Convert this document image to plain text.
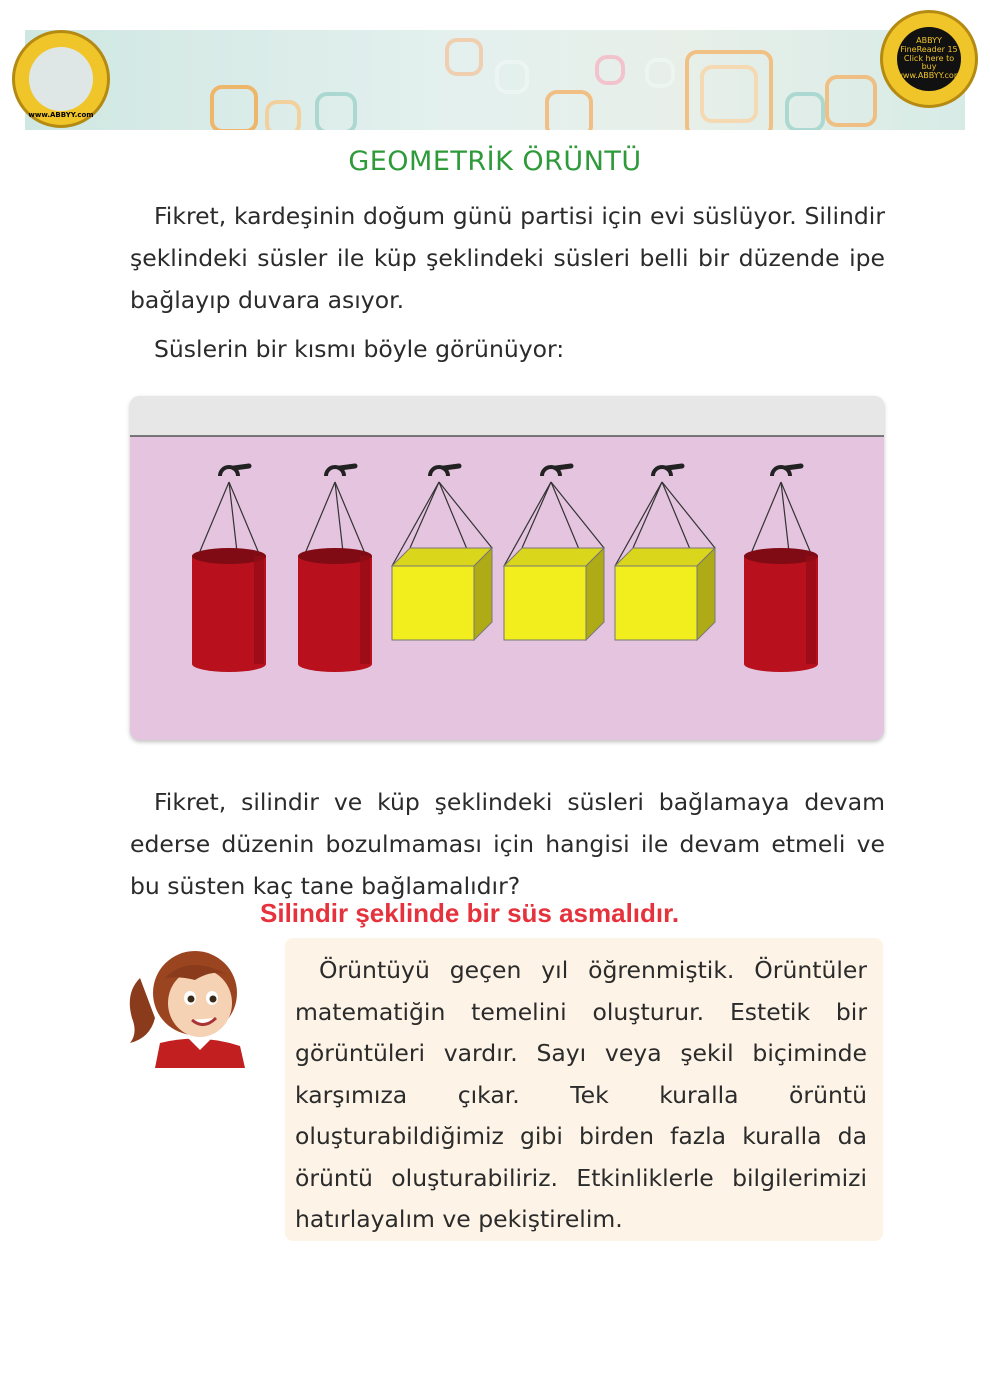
www.ABBYY.com
ABBYY FineReader 15
Click here to buy
www.ABBYY.com
GEOMETRİK ÖRÜNTÜ

Fikret, kardeşinin doğum günü partisi için evi süslüyor. Silindir şeklindeki süsler ile küp şeklindeki süsleri belli bir düzende ipe bağlayıp duvara asıyor.

Süslerin bir kısmı böyle görünüyor:

Fikret, silindir ve küp şeklindeki süsleri bağlamaya devam ederse düzenin bozulmaması için hangisi ile devam etmeli ve bu süsten kaç tane bağlamalıdır?

Silindir şeklinde bir süs asmalıdır.

Örüntüyü geçen yıl öğrenmiştik. Örüntüler matematiğin temelini oluşturur. Estetik bir görüntüleri vardır. Sayı veya şekil biçiminde karşımıza çıkar. Tek kuralla örüntü oluşturabildiğimiz gibi birden fazla kuralla da örüntü oluşturabiliriz. Etkinliklerle bilgilerimizi hatırlayalım ve pekiştirelim.
